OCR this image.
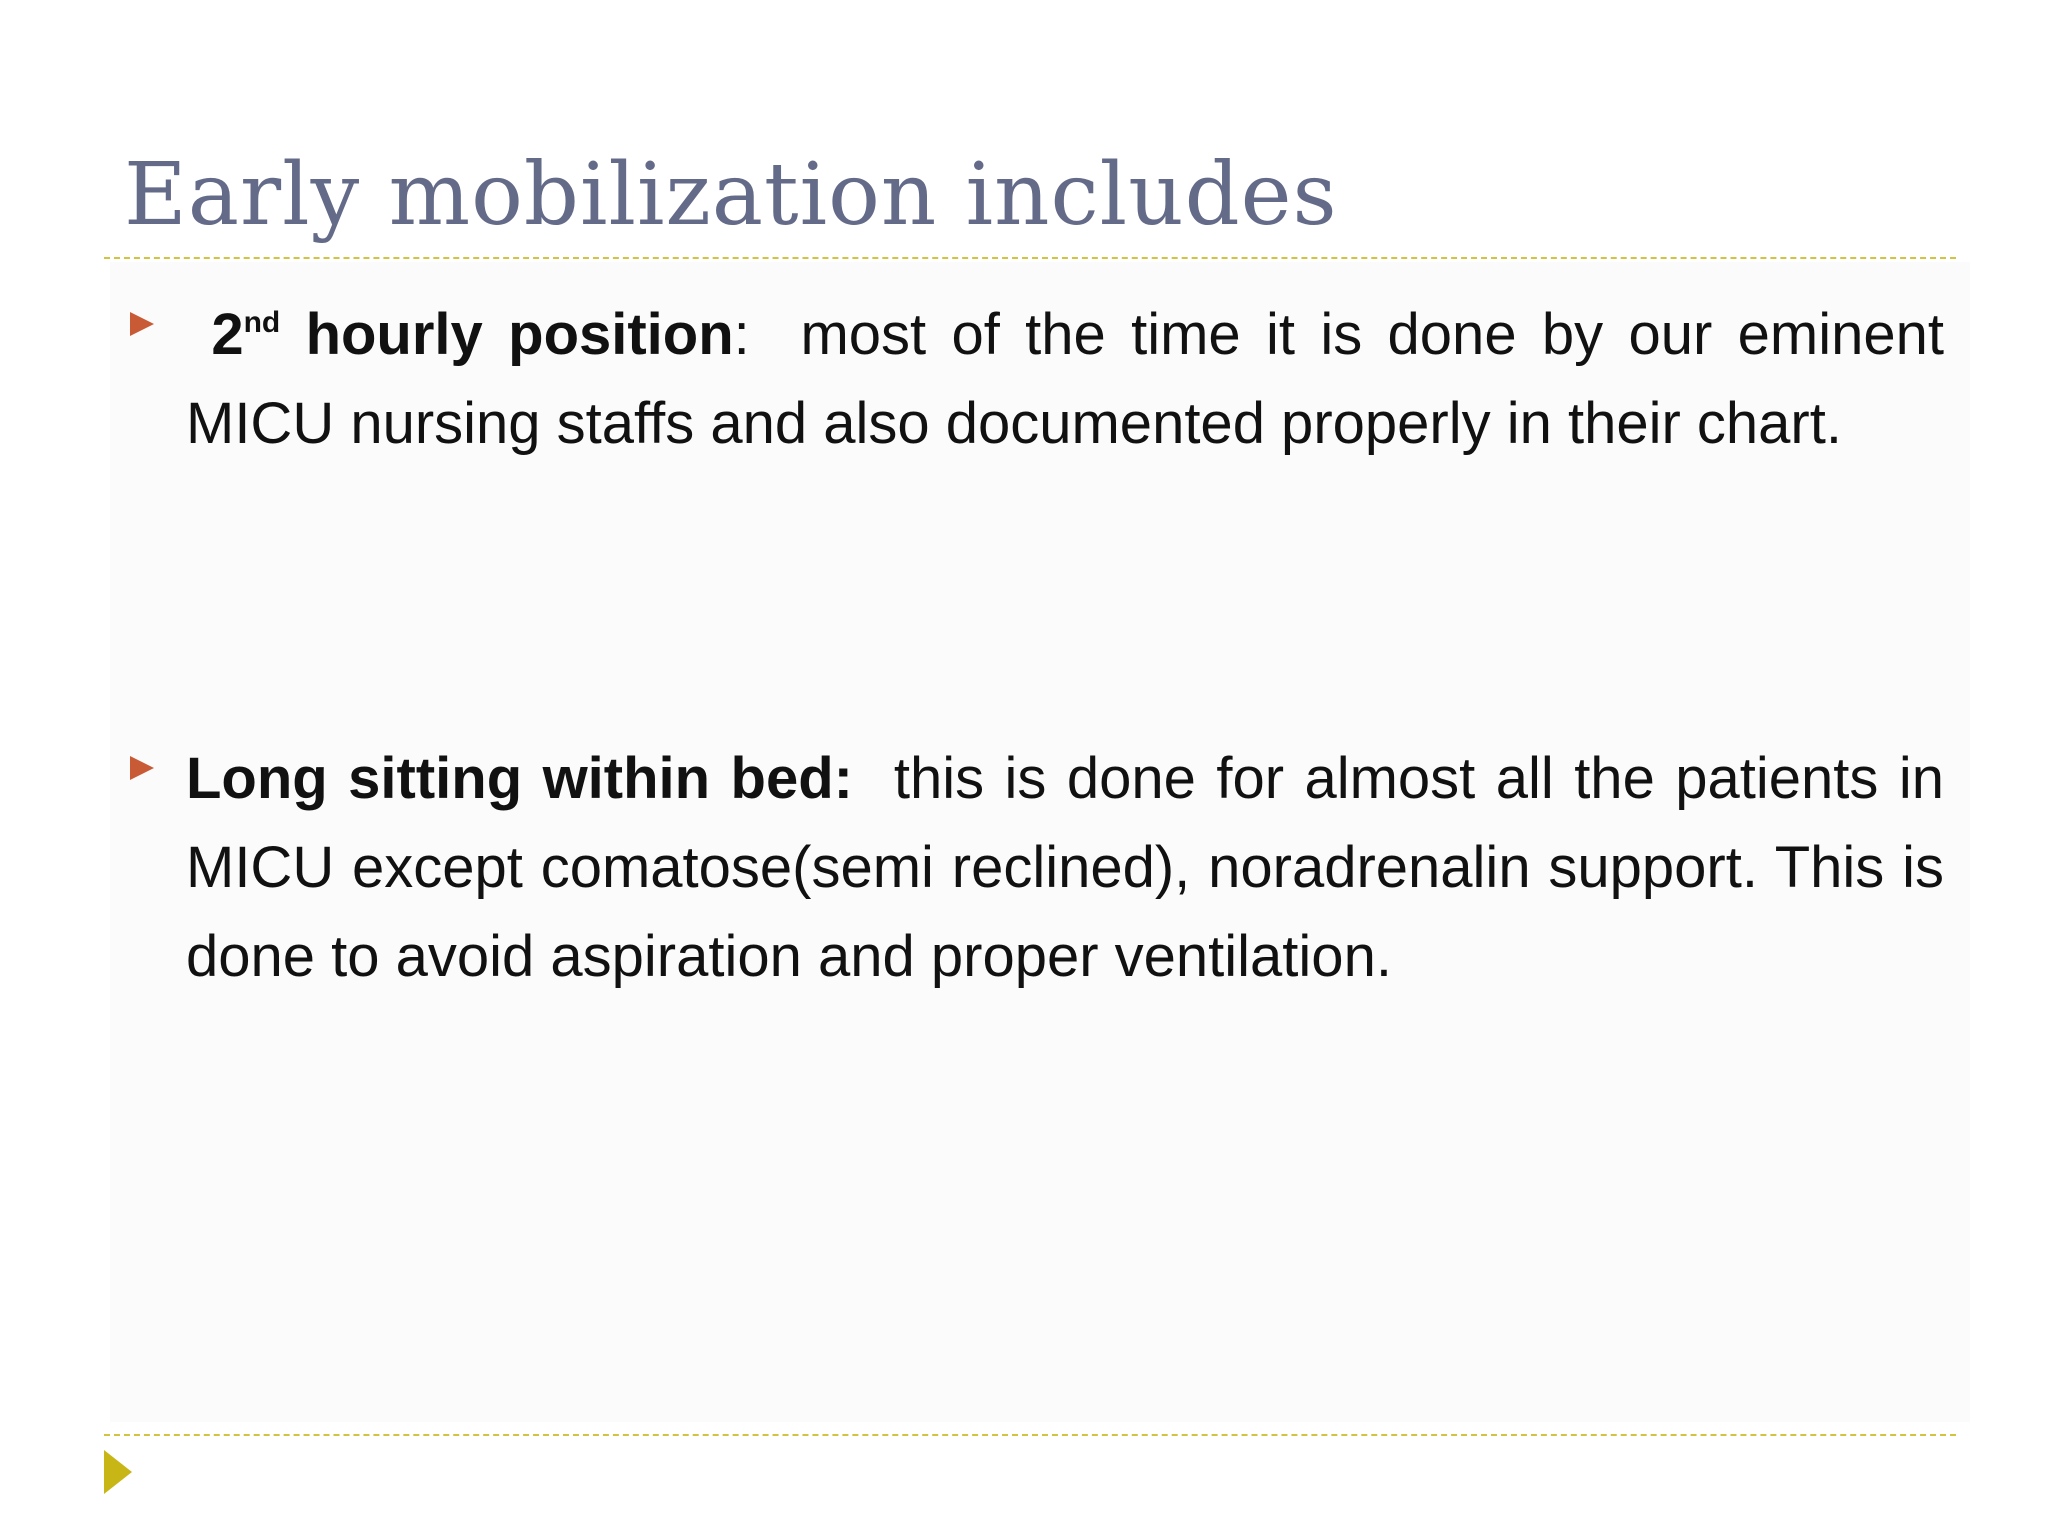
Early mobilization includes
2nd hourly position: most of the time it is done by our eminent MICU nursing staffs and also documented properly in their chart.
Long sitting within bed: this is done for almost all the patients in MICU except comatose(semi reclined), noradrenalin support. This is done to avoid aspiration and proper ventilation.
